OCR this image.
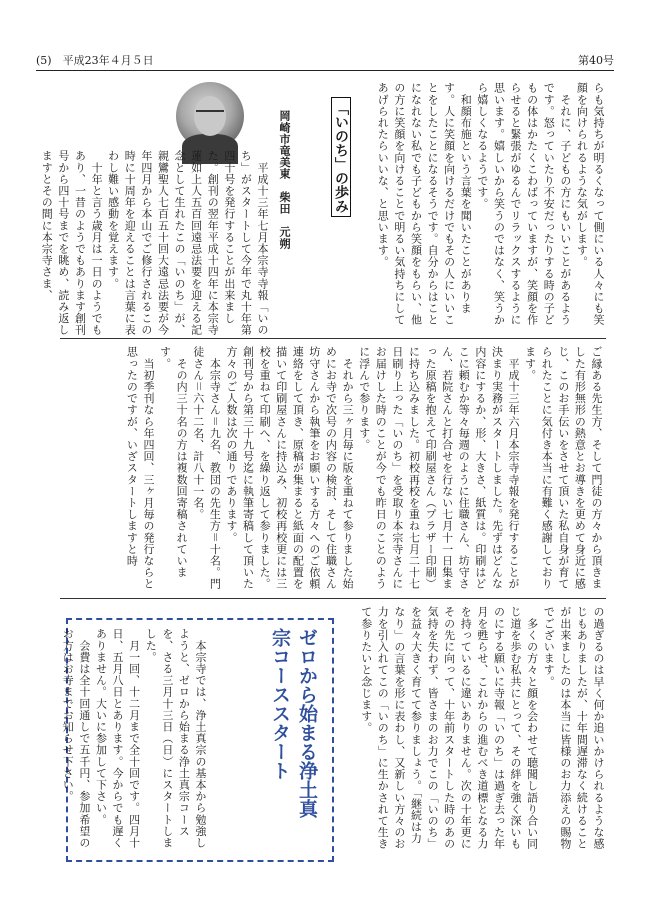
(5)　平成23年４月５日	第40号
らも気持ちが明るくなって側にいる人々にも笑顔を向けられるような気がします。
　それに、子どもの方にもいいことがあるようです。怒っていたり不安だったりする時の子どもの体はかたくこわばっていますが、笑顔を作らせると緊張がゆるんでリラックスするように思います。嬉しいから笑うのではなく、笑うから嬉しくなるようです。
　和顔布施という言葉を聞いたことがあります。人に笑顔を向けるだけでもその人にいいことをしたことになるそうです。自分からはことになれない私でも子どもから笑顔をもらい、他の方に笑顔を向けることで明るい気持ちにしてあげられたらいいな、と思います。
「いのち」の歩み
岡崎市竜美東　柴田　元朔
　平成十三年七月本宗寺寺報「いのち」がスタートして今年で丸十年第四十号を発行することが出来ました。創刊の翌年平成十四年に本宗寺蓮如上人五百回遠忌法要を迎える記念として生れたこの「いのち」が、親鸞聖人七百五十回大遠忌法要が今年四月から本山でご修行されるこの時に十周年を迎えることは言葉に表わし難い感動を覚えます。
　十年と言う歳月は一日のようでもあり、一昔のようでもあります創刊号から四十号までを眺め、読み返しますとその間に本宗寺さま、
ご縁ある先生方、そして門徒の方々から頂きました有形無形の熱意とお導きを更めて身近に感じ、このお手伝いをさせて頂いた私自身が育てられたことに気付き本当に有難く感謝しております。
　平成十三年六月本宗寺寺報を発行することが決まり実務がスタートしました。先ずはどんな内容にするか、形、大きさ、紙質は。印刷はどこに頼むか等々毎週のように住職さん、坊守さん、若院さんと打合せを行ない七月十一日集まった原稿を抱えて印刷屋さん（プラザー印刷）に持ち込みました。初校再校を重ね七月二十七日刷り上った「いのち」を受取り本宗寺さんにお届けした時のことが今でも昨日のことのように浮んで参ります。
　それから三ヶ月毎に版を重ねて参りました始めにお寺で次号の内容の検討、そして住職さん坊守さんから執筆をお願いする方々へのご依頼連絡をして頂き、原稿が集まると紙面の配置を描いて印刷屋さんに持込み、初校再校更には三校を重ねて印刷へ、を繰り返して参りました。創刊号から第三十九号迄に執筆寄稿して頂いた方々のご人数は次の通りであります。
　本宗寺さん＝九名、教団の先生方＝十名。門徒さん＝六十二名、計八十一名。
　その内三十名の方は複数回寄稿されています。
　当初季刊なら年四回、三ヶ月毎の発行ならと思ったのですが、いざスタートしますと時
の過ぎるのは早く何か追いかけられるような感じもありましたが、十年間遅滞なく続けることが出来ましたのは本当に皆様のお力添えの賜物でございます。
　多くの方々と顔を会わせて聴聞し語り合い同じ道を歩む私共にとって、その絆を強く深いものにする願いに寺報「いのち」は過ぎ去った年月を甦らせ、これからの進むべき道標となる力を持っているに違いありません。次の十年更にその先に向って、十年前スタートした時のあの気持を失わず、皆さまのお力でこの「いのち」を益々大きく育てて参りましょう。「継続は力なり」の言葉を形に表わし、又新しい方々のお力を引入れてこの「いのち」に生かされて生きて参りたいと念じます。
ゼロから始まる浄土真宗コーススタート
　本宗寺では、浄土真宗の基本から勉強しようと、ゼロから始まる浄土真宗コースを、さる三月十三日（日）にスタートしました。
　月一回、十二月まで全十回です。四月十日、五月八日とあります。今からでも遅くありません。大いに参加して下さい。
　会費は全十回通しで五千円、参加希望のお方はお寺までお知らせ下さい。
